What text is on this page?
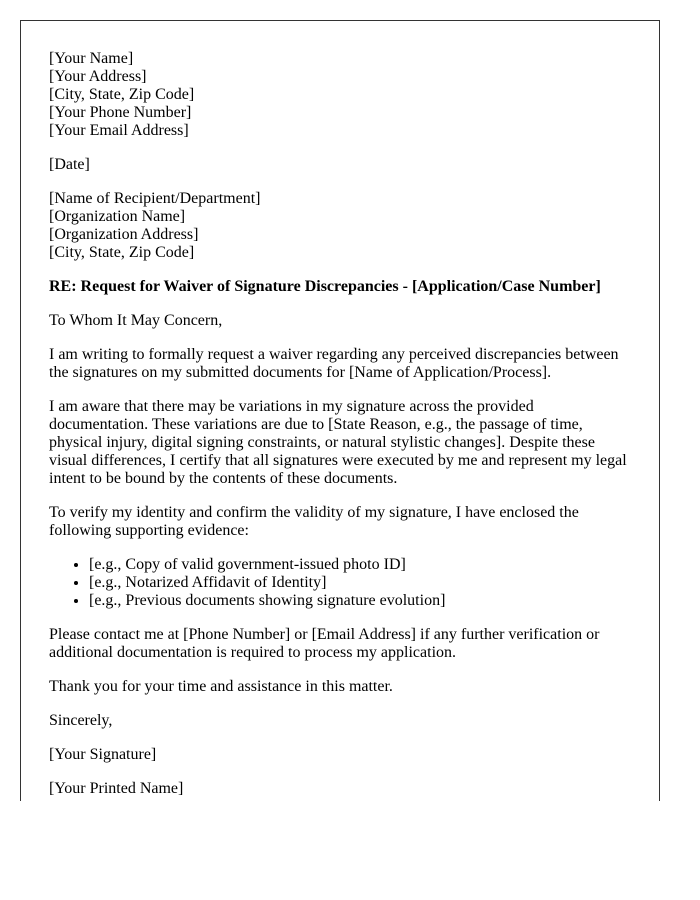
[Your Name]
[Your Address]
[City, State, Zip Code]
[Your Phone Number]
[Your Email Address]
[Date]
[Name of Recipient/Department]
[Organization Name]
[Organization Address]
[City, State, Zip Code]
RE: Request for Waiver of Signature Discrepancies - [Application/Case Number]

To Whom It May Concern,

I am writing to formally request a waiver regarding any perceived discrepancies between the signatures on my submitted documents for [Name of Application/Process].

I am aware that there may be variations in my signature across the provided documentation. These variations are due to [State Reason, e.g., the passage of time, physical injury, digital signing constraints, or natural stylistic changes]. Despite these visual differences, I certify that all signatures were executed by me and represent my legal intent to be bound by the contents of these documents.

To verify my identity and confirm the validity of my signature, I have enclosed the following supporting evidence:

• [e.g., Copy of valid government-issued photo ID]
• [e.g., Notarized Affidavit of Identity]
• [e.g., Previous documents showing signature evolution]

Please contact me at [Phone Number] or [Email Address] if any further verification or additional documentation is required to process my application.

Thank you for your time and assistance in this matter.

Sincerely,

[Your Signature]

[Your Printed Name]
